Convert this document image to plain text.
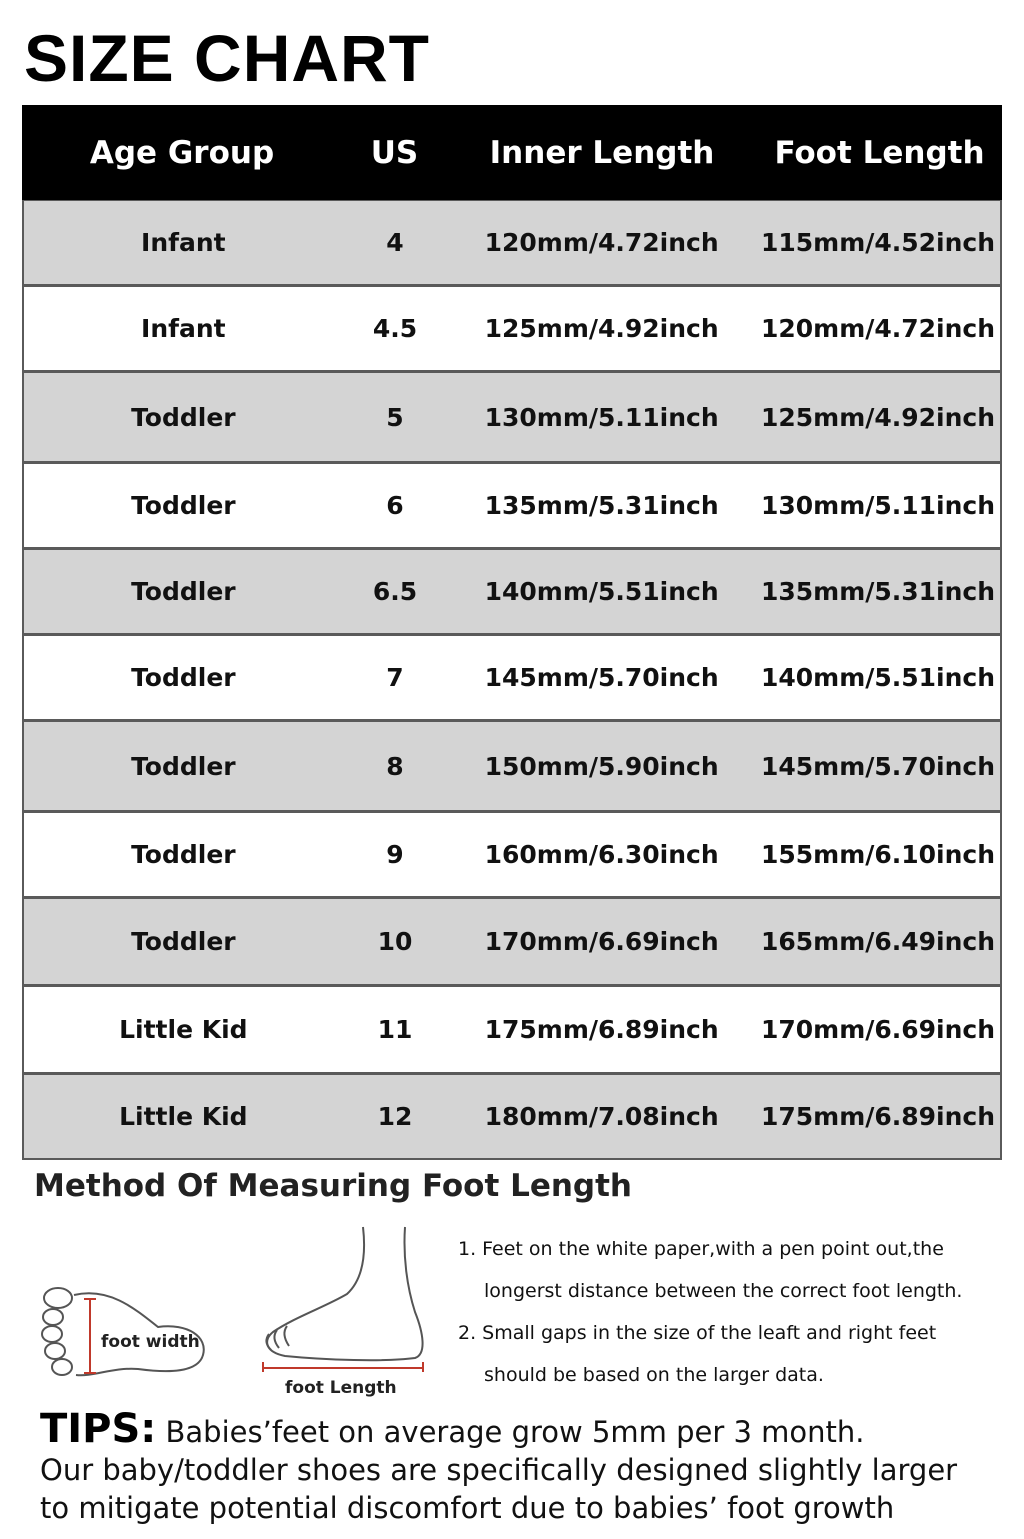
SIZE CHART
Age Group	US	Inner Length	Foot Length
Infant	4	120mm/4.72inch	115mm/4.52inch
Infant	4.5	125mm/4.92inch	120mm/4.72inch
Toddler	5	130mm/5.11inch	125mm/4.92inch
Toddler	6	135mm/5.31inch	130mm/5.11inch
Toddler	6.5	140mm/5.51inch	135mm/5.31inch
Toddler	7	145mm/5.70inch	140mm/5.51inch
Toddler	8	150mm/5.90inch	145mm/5.70inch
Toddler	9	160mm/6.30inch	155mm/6.10inch
Toddler	10	170mm/6.69inch	165mm/6.49inch
Little Kid	11	175mm/6.89inch	170mm/6.69inch
Little Kid	12	180mm/7.08inch	175mm/6.89inch
Method Of Measuring Foot Length
foot width
foot Length

1. Feet on the white paper,with a pen point out,the

longerst distance between the correct foot length.

2. Small gaps in the size of the leaft and right feet

should be based on the larger data.

TIPS: Babies’feet on average grow 5mm per 3 month.
Our baby/toddler shoes are specifically designed slightly larger
to mitigate potential discomfort due to babies’ foot growth
